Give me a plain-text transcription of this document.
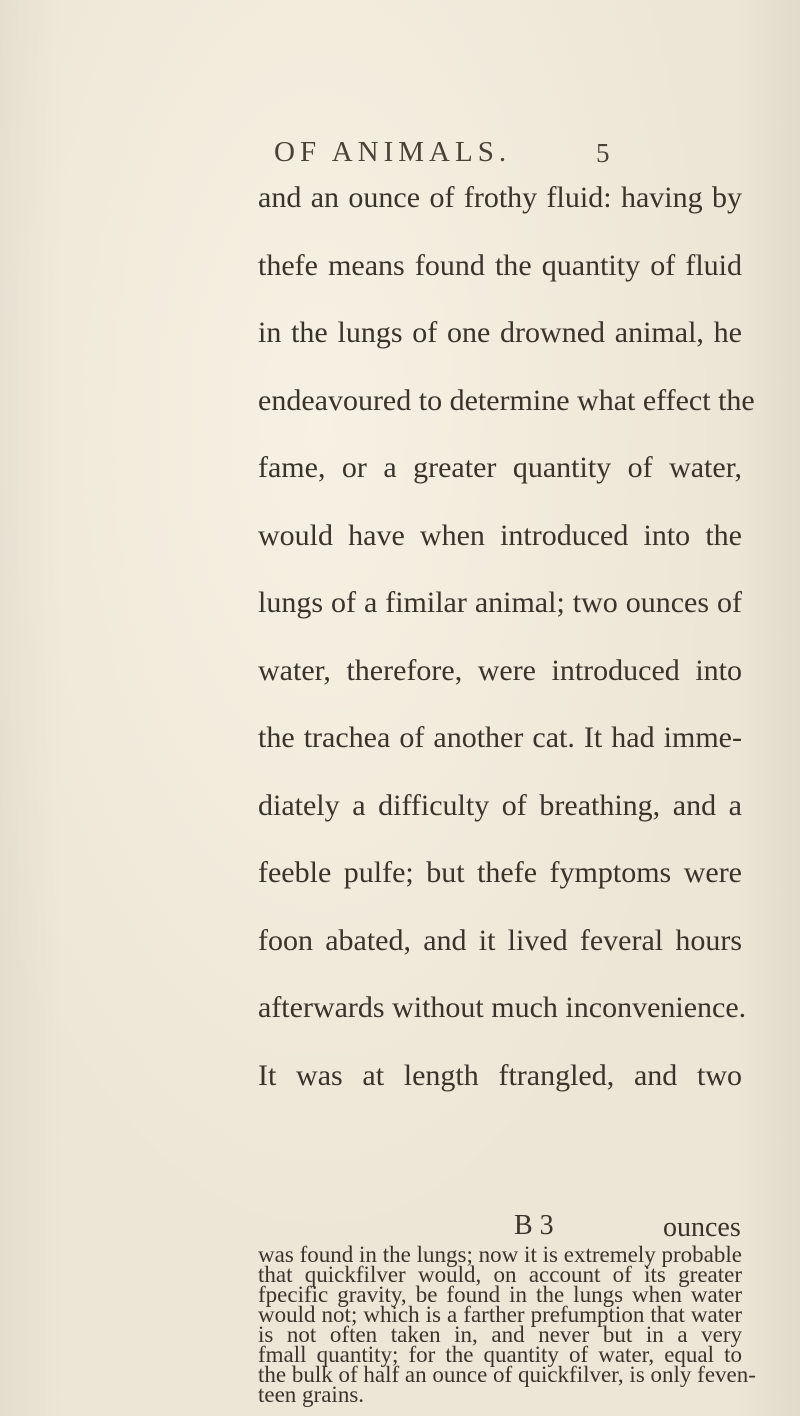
OF ANIMALS.	5
and an ounce of frothy fluid: having by
thefe means found the quantity of fluid
in the lungs of one drowned animal, he
endeavoured to determine what effect the
fame, or a greater quantity of water,
would have when introduced into the
lungs of a fimilar animal; two ounces of
water, therefore, were introduced into
the trachea of another cat. It had imme-
diately a difficulty of breathing, and a
feeble pulfe; but thefe fymptoms were
foon abated, and it lived feveral hours
afterwards without much inconvenience.
It was at length ftrangled, and two
was found in the lungs; now it is extremely probable
that quickfilver would, on account of its greater
fpecific gravity, be found in the lungs when water
would not; which is a farther prefumption that water
is not often taken in, and never but in a very
fmall quantity; for the quantity of water, equal to
the bulk of half an ounce of quickfilver, is only feven-
teen grains.
B 3	ounces
